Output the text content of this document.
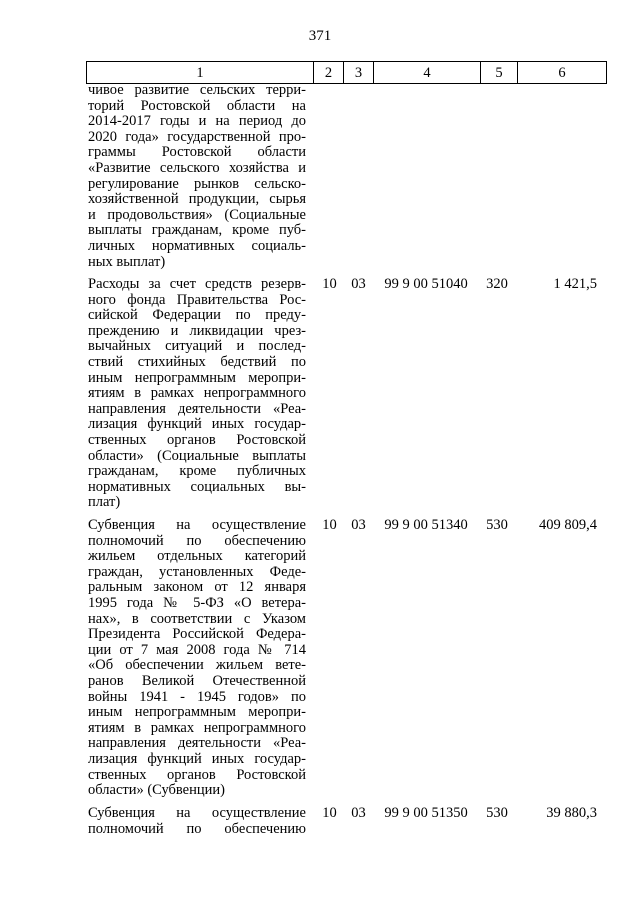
371
1	2	3	4	5	6
чивое развитие сельских терри-
торий Ростовской области на
2014-2017 годы и на период до
2020 года» государственной про-
граммы Ростовской области
«Развитие сельского хозяйства и
регулирование рынков сельско-
хозяйственной продукции, сырья
и продовольствия» (Социальные
выплаты гражданам, кроме пуб-
личных нормативных социаль-
ных выплат)
Расходы за счет средств резерв-
ного фонда Правительства Рос-
сийской Федерации по преду-
преждению и ликвидации чрез-
вычайных ситуаций и послед-
ствий стихийных бедствий по
иным непрограммным меропри-
ятиям в рамках непрограммного
направления деятельности «Реа-
лизация функций иных государ-
ственных органов Ростовской
области» (Социальные выплаты
гражданам, кроме публичных
нормативных социальных вы-
плат)
10	03	99 9 00 51040	320	1 421,5
Субвенция на осуществление
полномочий по обеспечению
жильем отдельных категорий
граждан, установленных Феде-
ральным законом от 12 января
1995 года № 5-ФЗ «О ветера-
нах», в соответствии с Указом
Президента Российской Федера-
ции от 7 мая 2008 года № 714
«Об обеспечении жильем вете-
ранов Великой Отечественной
войны 1941 - 1945 годов» по
иным непрограммным меропри-
ятиям в рамках непрограммного
направления деятельности «Реа-
лизация функций иных государ-
ственных органов Ростовской
области» (Субвенции)
10	03	99 9 00 51340	530	409 809,4
Субвенция на осуществление
полномочий по обеспечению
10	03	99 9 00 51350	530	39 880,3
